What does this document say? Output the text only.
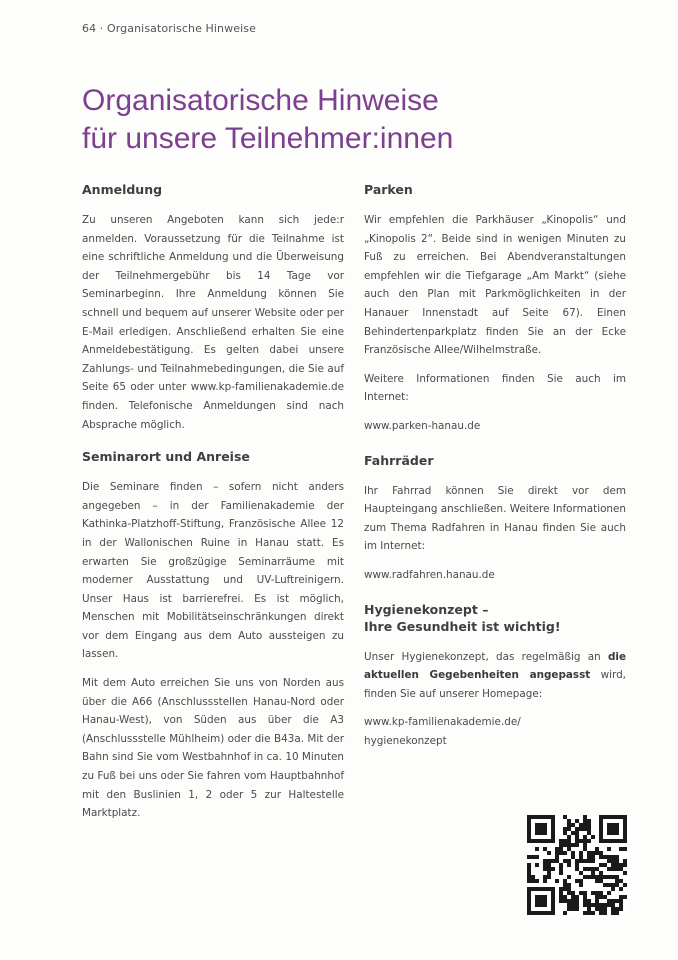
64 · Organisatorische Hinweise
Organisatorische Hinweise
für unsere Teilnehmer:innen
Anmeldung

Zu unseren Angeboten kann sich jede:r anmelden. Voraussetzung für die Teilnahme ist eine schriftliche Anmeldung und die Überweisung der Teilnehmergebühr bis 14 Tage vor Seminarbeginn. Ihre Anmeldung können Sie schnell und bequem auf unserer Website oder per E-Mail erledigen. Anschließend erhalten Sie eine Anmeldebestätigung. Es gelten dabei unsere Zahlungs- und Teilnahmebedingungen, die Sie auf Seite 65 oder unter www.kp-familienakademie.de finden. Telefonische Anmeldungen sind nach Absprache möglich.

Seminarort und Anreise

Die Seminare finden – sofern nicht anders angegeben – in der Familienakademie der Kathinka-Platzhoff-Stiftung, Französische Allee 12 in der Wallonischen Ruine in Hanau statt. Es erwarten Sie großzügige Seminarräume mit moderner Ausstattung und UV-Luftreinigern. Unser Haus ist barrierefrei. Es ist möglich, Menschen mit Mobilitätseinschränkungen direkt vor dem Eingang aus dem Auto aussteigen zu lassen.

Mit dem Auto erreichen Sie uns von Norden aus über die A66 (Anschlussstellen Hanau-Nord oder Hanau-West), von Süden aus über die A3 (Anschlussstelle Mühlheim) oder die B43a. Mit der Bahn sind Sie vom Westbahnhof in ca. 10 Minuten zu Fuß bei uns oder Sie fahren vom Hauptbahnhof mit den Buslinien 1, 2 oder 5 zur Haltestelle Marktplatz.

Parken

Wir empfehlen die Parkhäuser „Kinopolis“ und „Kinopolis 2“. Beide sind in wenigen Minuten zu Fuß zu erreichen. Bei Abendveranstaltungen empfehlen wir die Tiefgarage „Am Markt“ (siehe auch den Plan mit Parkmöglichkeiten in der Hanauer Innenstadt auf Seite 67). Einen Behindertenparkplatz finden Sie an der Ecke Französische Allee/Wilhelmstraße.

Weitere Informationen finden Sie auch im Internet:

www.parken-hanau.de
Fahrräder

Ihr Fahrrad können Sie direkt vor dem Haupteingang anschließen. Weitere Informationen zum Thema Radfahren in Hanau finden Sie auch im Internet:

www.radfahren.hanau.de
Hygienekonzept –
Ihre Gesundheit ist wichtig!

Unser Hygienekonzept, das regelmäßig an die aktuellen Gegebenheiten angepasst wird, finden Sie auf unserer Homepage:

www.kp-familienakademie.de/
hygienekonzept
